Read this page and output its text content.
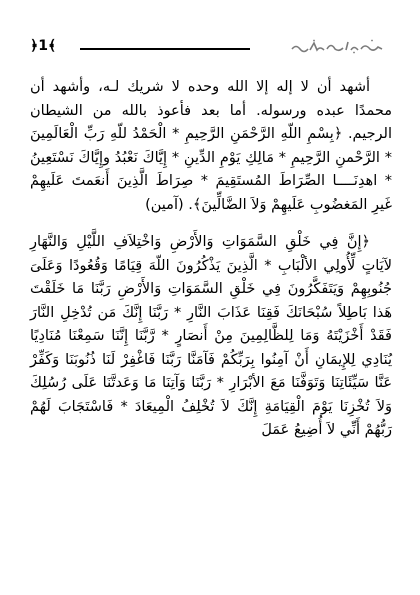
﴿1﴾

أشهد أن لا إله إلا الله وحده لا شريك لـه، وأشهد أن محمدًا عبده ورسوله. أما بعد فأعوذ بالله من الشيطان الرجيم. ﴿بِسْمِ اللّهِ الرَّحْمَنِ الرَّحِيمِ * الْحَمْدُ للّهِ رَبِّ الْعَالَمِينَ * الرَّحْمنِ الرَّحِيمِ * مَالِكِ يَوْمِ الدِّينِ * إِيَّاكَ نَعْبُدُ وإِيَّاكَ نَسْتَعِينُ * اهدِنَــــا الصِّرَاطَ المُستَقِيمَ * صِرَاطَ الَّذِينَ أَنعَمتَ عَلَيهِمْ غَيرِ المَغضُوبِ عَلَيهِمْ وَلاَ الضَّالِّينَ﴾. (آمين)

﴿إِنَّ فِي خَلْقِ السَّمَوَاتِ وَالأَرْضِ وَاخْتِلاَفِ اللَّيْلِ وَالنَّهَارِ لآيَاتٍ لِّأُولِي الألْبَابِ * الَّذِينَ يَذْكُرُونَ اللّهَ قِيَامًا وَقُعُودًا وَعَلَىَ جُنُوبِهِمْ وَيَتَفَكَّرُونَ فِي خَلْقِ السَّمَوَاتِ وَالأَرْضِ رَبَّنَا مَا خَلَقْتَ هَذا بَاطِلاً سُبْحَانَكَ فَقِنَا عَذَابَ النَّارِ * رَبَّنَا إِنَّكَ مَن تُدْخِلِ النَّارَ فَقَدْ أَخْزَيْتَهُ وَمَا لِلظَّالِمِينَ مِنْ أَنصَارٍ * رَّبَّنَا إِنَّنَا سَمِعْنَا مُنَادِيًا يُنَادِي لِلإِيمَانِ أَنْ آمِنُوا بِرَبِّكُمْ فَآمَنَّا رَبَّنَا فَاغْفِرْ لَنَا ذُنُوبَنَا وَكَفِّرْ عَنَّا سَيِّئَاتِنَا وَتَوَفَّنَا مَعَ الأبْرَارِ * رَبَّنَا وَآتِنَا مَا وَعَدتَّنَا عَلَى رُسُلِكَ وَلاَ تُخْزِنَا يَوْمَ الْقِيَامَةِ إِنَّكَ لاَ تُخْلِفُ الْمِيعَادَ * فَاسْتَجَابَ لَهُمْ رَبُّهُمْ أَنِّي لاَ أُضِيعُ عَمَلَ
